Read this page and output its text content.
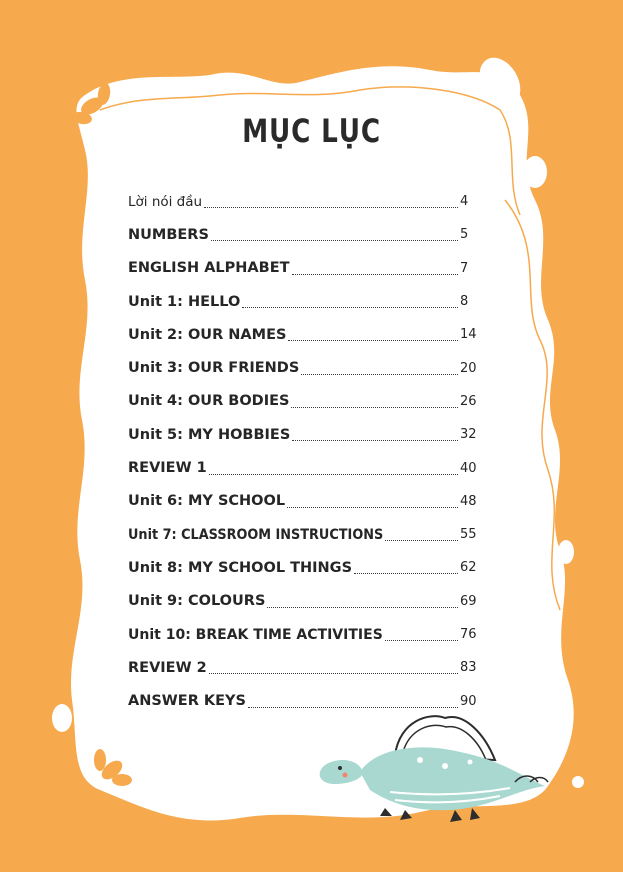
MỤC LỤC
Lời nói đầu	4
NUMBERS	5
ENGLISH ALPHABET	7
Unit 1: HELLO	8
Unit 2: OUR NAMES	14
Unit 3: OUR FRIENDS	20
Unit 4: OUR BODIES	26
Unit 5: MY HOBBIES	32
REVIEW 1	40
Unit 6: MY SCHOOL	48
Unit 7: CLASSROOM INSTRUCTIONS	55
Unit 8: MY SCHOOL THINGS	62
Unit 9: COLOURS	69
Unit 10: BREAK TIME ACTIVITIES	76
REVIEW 2	83
ANSWER KEYS	90
